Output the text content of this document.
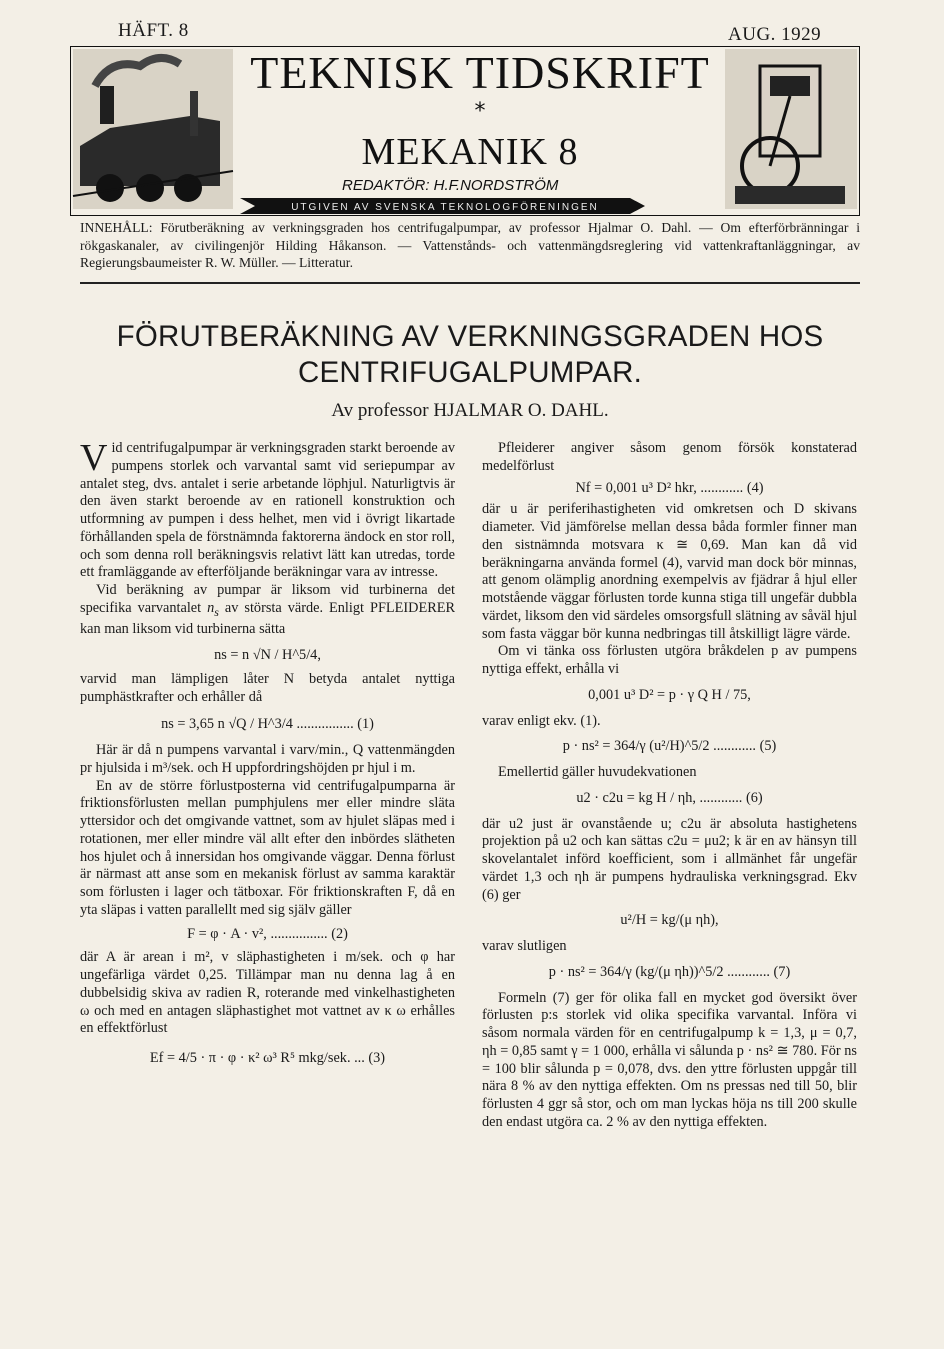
HÄFT. 8	AUG. 1929
TEKNISK TIDSKRIFT
*
MEKANIK 8
REDAKTÖR: H.F.NORDSTRÖM
UTGIVEN AV SVENSKA TEKNOLOGFÖRENINGEN
INNEHÅLL: Förutberäkning av verkningsgraden hos centrifugalpumpar, av professor Hjalmar O. Dahl. — Om efterförbränningar i rökgaskanaler, av civilingenjör Hilding Håkanson. — Vattenstånds- och vattenmängdsreglering vid vattenkraftanläggningar, av Regierungsbaumeister R. W. Müller. — Litteratur.
FÖRUTBERÄKNING AV VERKNINGSGRADEN HOS
CENTRIFUGALPUMPAR.
Av professor HJALMAR O. DAHL.

Vid centrifugalpumpar är verkningsgraden starkt beroende av pumpens storlek och varvantal samt vid seriepumpar av antalet steg, dvs. antalet i serie arbetande löphjul. Naturligtvis är den även starkt beroende av en rationell konstruktion och utformning av pumpen i dess helhet, men vid i övrigt likartade förhållanden spela de förstnämnda faktorerna ändock en stor roll, och som denna roll beräkningsvis relativt lätt kan utredas, torde ett framläggande av efterföljande beräkningar vara av intresse.

Vid beräkning av pumpar är liksom vid turbinerna det specifika varvantalet $n_s$ av största värde. Enligt PFLEIDERER kan man liksom vid turbinerna sätta

ns = n √N / H^5/4,

varvid man lämpligen låter N betyda antalet nyttiga pumphästkrafter och erhåller då

ns = 3,65 n √Q / H^3/4 ................ (1)

Här är då n pumpens varvantal i varv/min., Q vattenmängden pr hjulsida i m³/sek. och H uppfordringshöjden pr hjul i m.

En av de större förlustposterna vid centrifugalpumparna är friktionsförlusten mellan pumphjulens mer eller mindre släta yttersidor och det omgivande vattnet, som av hjulet släpas med i rotationen, mer eller mindre väl allt efter den inbördes slätheten hos hjulet och å innersidan hos omgivande väggar. Denna förlust är närmast att anse som en mekanisk förlust av samma karaktär som förlusten i lager och tätboxar. För friktionskraften F, då en yta släpas i vatten parallellt med sig själv gäller

F = φ · A · v², ................ (2)

där A är arean i m², v släphastigheten i m/sek. och φ har ungefärliga värdet 0,25. Tillämpar man nu denna lag å en dubbelsidig skiva av radien R, roterande med vinkelhastigheten ω och med en antagen släphastighet mot vattnet av κ ω erhålles en effektförlust

Ef = 4/5 · π · φ · κ² ω³ R⁵ mkg/sek. ... (3)

Pfleiderer angiver såsom genom försök konstaterad medelförlust

Nf = 0,001 u³ D² hkr, ............ (4)

där u är periferihastigheten vid omkretsen och D skivans diameter. Vid jämförelse mellan dessa båda formler finner man den sistnämnda motsvara κ ≅ 0,69. Man kan då vid beräkningarna använda formel (4), varvid man dock bör minnas, att genom olämplig anordning exempelvis av fjädrar å hjul eller motstående väggar förlusten torde kunna stiga till ungefär dubbla värdet, liksom den vid särdeles omsorgsfull slätning av såväl hjul som fasta väggar bör kunna nedbringas till åtskilligt lägre värde.

Om vi tänka oss förlusten utgöra bråkdelen p av pumpens nyttiga effekt, erhålla vi

0,001 u³ D² = p · γ Q H / 75,

varav enligt ekv. (1).

p · ns² = 364/γ (u²/H)^5/2 ............ (5)

Emellertid gäller huvudekvationen

u2 · c2u = kg H / ηh, ............ (6)

där u2 just är ovanstående u; c2u är absoluta hastighetens projektion på u2 och kan sättas c2u = μu2; k är en av hänsyn till skovelantalet införd koefficient, som i allmänhet får ungefär värdet 1,3 och ηh är pumpens hydrauliska verkningsgrad. Ekv (6) ger

u²/H = kg/(μ ηh),

varav slutligen

p · ns² = 364/γ (kg/(μ ηh))^5/2 ............ (7)

Formeln (7) ger för olika fall en mycket god översikt över förlusten p:s storlek vid olika specifika varvantal. Införa vi såsom normala värden för en centrifugalpump k = 1,3, μ = 0,7, ηh = 0,85 samt γ = 1 000, erhålla vi sålunda p · ns² ≅ 780. För ns = 100 blir sålunda p = 0,078, dvs. den yttre förlusten uppgår till nära 8 % av den nyttiga effekten. Om ns pressas ned till 50, blir förlusten 4 ggr så stor, och om man lyckas höja ns till 200 skulle den endast utgöra ca. 2 % av den nyttiga effekten.
